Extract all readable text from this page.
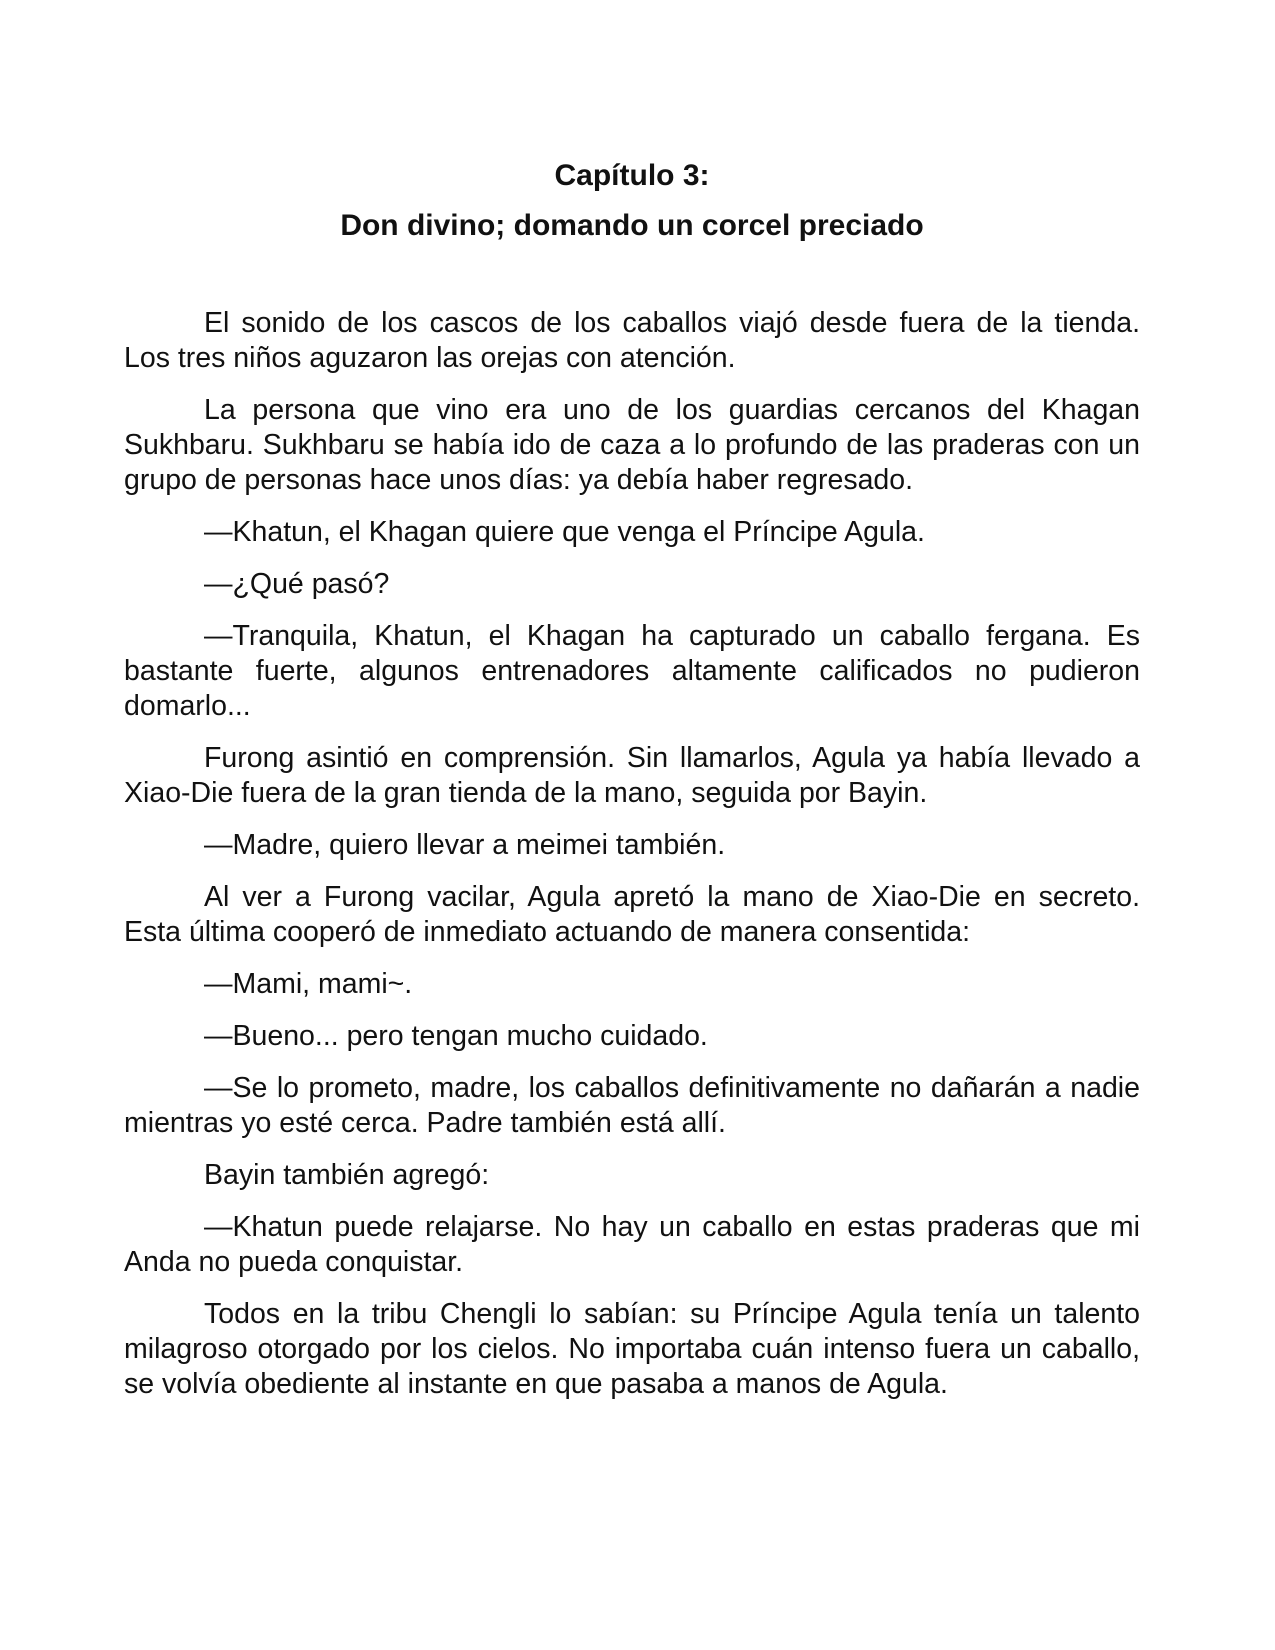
Capítulo 3:
Don divino; domando un corcel preciado

El sonido de los cascos de los caballos viajó desde fuera de la tienda. Los tres niños aguzaron las orejas con atención.

La persona que vino era uno de los guardias cercanos del Khagan Sukhbaru. Sukhbaru se había ido de caza a lo profundo de las praderas con un grupo de personas hace unos días: ya debía haber regresado.

—Khatun, el Khagan quiere que venga el Príncipe Agula.

—¿Qué pasó?

—Tranquila, Khatun, el Khagan ha capturado un caballo fergana. Es bastante fuerte, algunos entrenadores altamente calificados no pudieron domarlo...

Furong asintió en comprensión. Sin llamarlos, Agula ya había llevado a Xiao-Die fuera de la gran tienda de la mano, seguida por Bayin.

—Madre, quiero llevar a meimei también.

Al ver a Furong vacilar, Agula apretó la mano de Xiao-Die en secreto. Esta última cooperó de inmediato actuando de manera consentida:

—Mami, mami~.

—Bueno... pero tengan mucho cuidado.

—Se lo prometo, madre, los caballos definitivamente no dañarán a nadie mientras yo esté cerca. Padre también está allí.

Bayin también agregó:

—Khatun puede relajarse. No hay un caballo en estas praderas que mi Anda no pueda conquistar.

Todos en la tribu Chengli lo sabían: su Príncipe Agula tenía un talento milagroso otorgado por los cielos. No importaba cuán intenso fuera un caballo, se volvía obediente al instante en que pasaba a manos de Agula.
